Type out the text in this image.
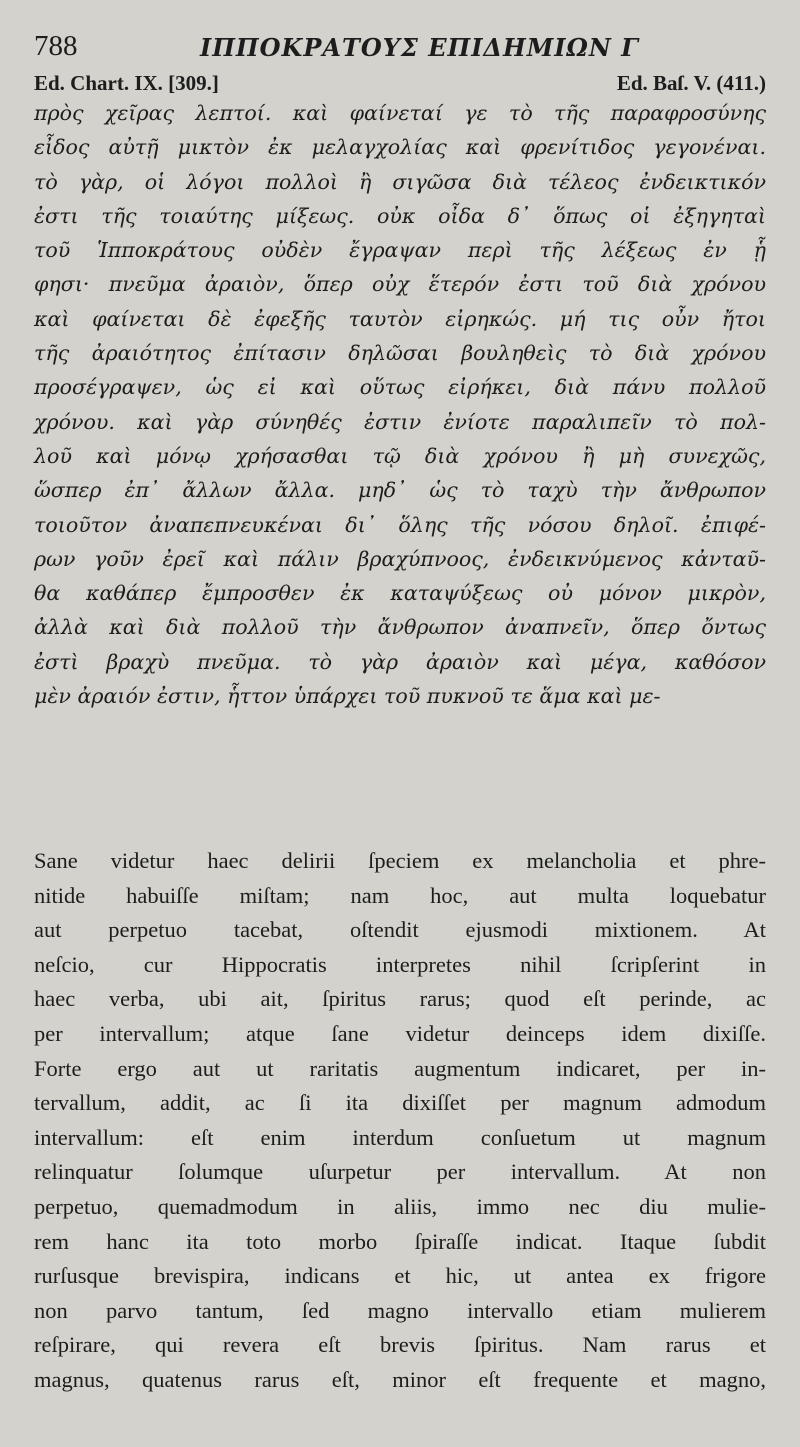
788	ΙΠΠΟΚΡΑΤΟΥΣ ΕΠΙΔΗΜΙΩΝ Γ
Ed. Chart. IX. [309.]	Ed. Baſ. V. (411.)
πρὸς χεῖρας λεπτοί. καὶ φαίνεταί γε τὸ τῆς παραφροσύνης
εἶδος αὐτῇ μικτὸν ἐκ μελαγχολίας καὶ φρενίτιδος γεγονέναι.
τὸ γὰρ, οἱ λόγοι πολλοὶ ἢ σιγῶσα διὰ τέλεος ἐνδεικτικόν
ἐστι τῆς τοιαύτης μίξεως. οὐκ οἶδα δ᾽ ὅπως οἱ ἐξηγηταὶ
τοῦ Ἱπποκράτους οὐδὲν ἔγραψαν περὶ τῆς λέξεως ἐν ᾗ
φησι· πνεῦμα ἀραιὸν, ὅπερ οὐχ ἕτερόν ἐστι τοῦ διὰ χρόνου
καὶ φαίνεται δὲ ἐφεξῆς ταυτὸν εἰρηκώς. μή τις οὖν ἤτοι
τῆς ἀραιότητος ἐπίτασιν δηλῶσαι βουληθεὶς τὸ διὰ χρόνου
προσέγραψεν, ὡς εἰ καὶ οὕτως εἰρήκει, διὰ πάνυ πολλοῦ
χρόνου. καὶ γὰρ σύνηθές ἐστιν ἐνίοτε παραλιπεῖν τὸ πολ-
λοῦ καὶ μόνῳ χρήσασθαι τῷ διὰ χρόνου ἢ μὴ συνεχῶς,
ὥσπερ ἐπ᾽ ἄλλων ἄλλα. μηδ᾽ ὡς τὸ ταχὺ τὴν ἄνθρωπον
τοιοῦτον ἀναπεπνευκέναι δι᾽ ὅλης τῆς νόσου δηλοῖ. ἐπιφέ-
ρων γοῦν ἐρεῖ καὶ πάλιν βραχύπνοος, ἐνδεικνύμενος κἀνταῦ-
θα καθάπερ ἔμπροσθεν ἐκ καταψύξεως οὐ μόνον μικρὸν,
ἀλλὰ καὶ διὰ πολλοῦ τὴν ἄνθρωπον ἀναπνεῖν, ὅπερ ὄντως
ἐστὶ βραχὺ πνεῦμα. τὸ γὰρ ἀραιὸν καὶ μέγα, καθόσον
μὲν ἀραιόν ἐστιν, ἧττον ὑπάρχει τοῦ πυκνοῦ τε ἅμα καὶ με-
Sane videtur haec delirii ſpeciem ex melancholia et phre-
nitide habuiſſe miſtam; nam hoc, aut multa loquebatur
aut perpetuo tacebat, oſtendit ejusmodi mixtionem. At
neſcio, cur Hippocratis interpretes nihil ſcripſerint in
haec verba, ubi ait, ſpiritus rarus; quod eſt perinde, ac
per intervallum; atque ſane videtur deinceps idem dixiſſe.
Forte ergo aut ut raritatis augmentum indicaret, per in-
tervallum, addit, ac ſi ita dixiſſet per magnum admodum
intervallum: eſt enim interdum conſuetum ut magnum
relinquatur ſolumque uſurpetur per intervallum. At non
perpetuo, quemadmodum in aliis, immo nec diu mulie-
rem hanc ita toto morbo ſpiraſſe indicat. Itaque ſubdit
rurſusque brevispira, indicans et hic, ut antea ex frigore
non parvo tantum, ſed magno intervallo etiam mulierem
reſpirare, qui revera eſt brevis ſpiritus. Nam rarus et
magnus, quatenus rarus eſt, minor eſt frequente et magno,
